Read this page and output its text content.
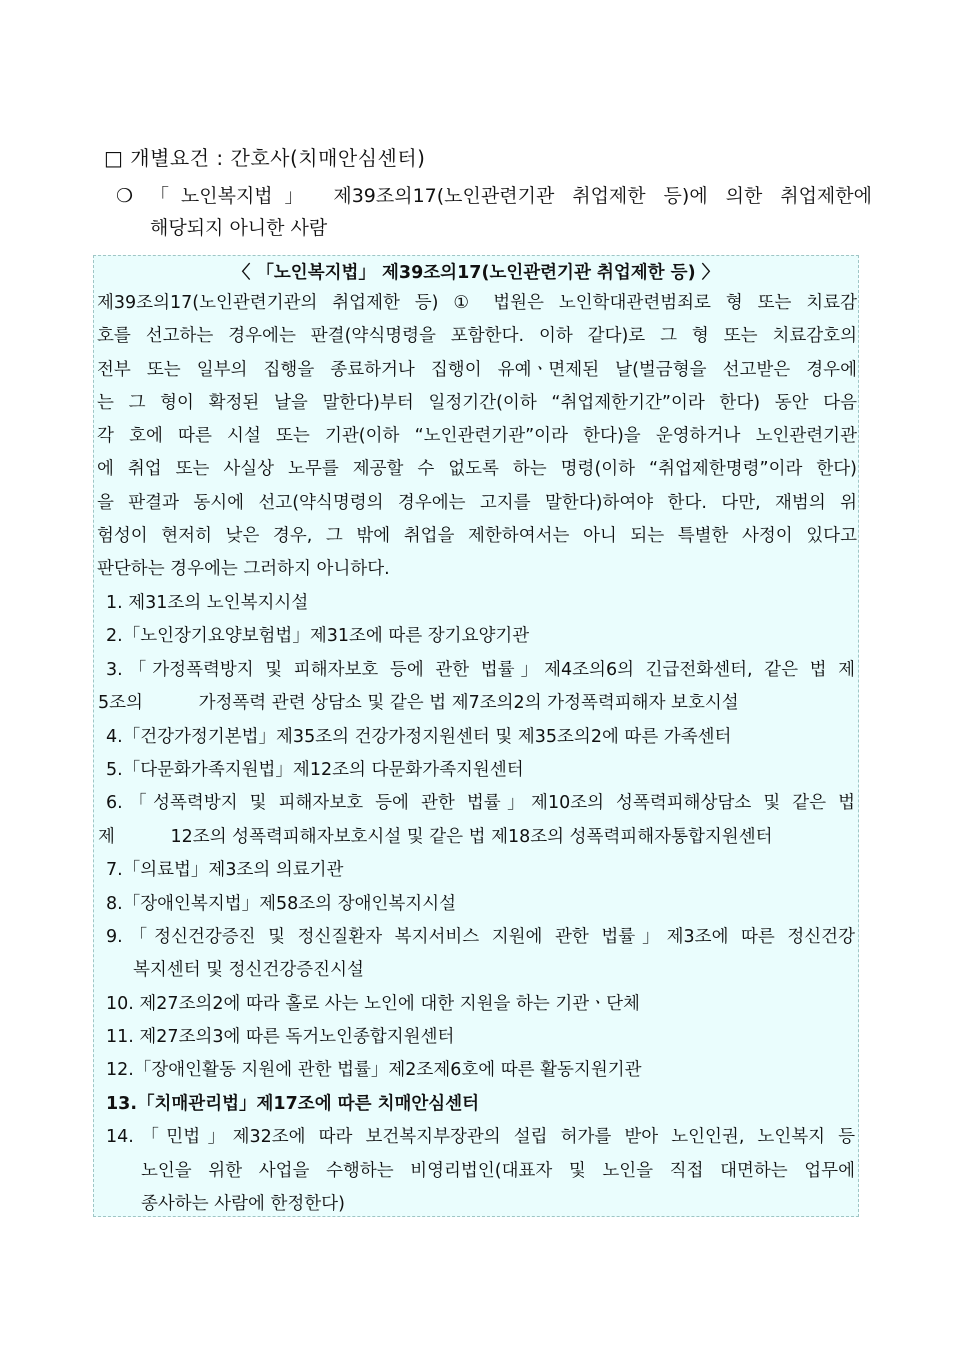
□ 개별요건 : 간호사(치매안심센터)
❍ 「노인복지법」 제39조의17(노인관련기관 취업제한 등)에 의한 취업제한에
해당되지 아니한 사람
〈 「노인복지법」 제39조의17(노인관련기관 취업제한 등) 〉
제39조의17(노인관련기관의 취업제한 등) ① 법원은 노인학대관련범죄로 형 또는 치료감
호를 선고하는 경우에는 판결(약식명령을 포함한다. 이하 같다)로 그 형 또는 치료감호의
전부 또는 일부의 집행을 종료하거나 집행이 유예ㆍ면제된 날(벌금형을 선고받은 경우에
는 그 형이 확정된 날을 말한다)부터 일정기간(이하 “취업제한기간”이라 한다) 동안 다음
각 호에 따른 시설 또는 기관(이하 “노인관련기관”이라 한다)을 운영하거나 노인관련기관
에 취업 또는 사실상 노무를 제공할 수 없도록 하는 명령(이하 “취업제한명령”이라 한다)
을 판결과 동시에 선고(약식명령의 경우에는 고지를 말한다)하여야 한다. 다만, 재범의 위
험성이 현저히 낮은 경우, 그 밖에 취업을 제한하여서는 아니 되는 특별한 사정이 있다고
판단하는 경우에는 그러하지 아니하다.
1. 제31조의 노인복지시설
2.「노인장기요양보험법」제31조에 따른 장기요양기관
3.「가정폭력방지 및 피해자보호 등에 관한 법률」제4조의6의 긴급전화센터, 같은 법 제
5조의          가정폭력 관련 상담소 및 같은 법 제7조의2의 가정폭력피해자 보호시설
4.「건강가정기본법」제35조의 건강가정지원센터 및 제35조의2에 따른 가족센터
5.「다문화가족지원법」제12조의 다문화가족지원센터
6.「성폭력방지 및 피해자보호 등에 관한 법률」제10조의 성폭력피해상담소 및 같은 법
제          12조의 성폭력피해자보호시설 및 같은 법 제18조의 성폭력피해자통합지원센터
7.「의료법」제3조의 의료기관
8.「장애인복지법」제58조의 장애인복지시설
9.「정신건강증진 및 정신질환자 복지서비스 지원에 관한 법률」제3조에 따른 정신건강
복지센터 및 정신건강증진시설
10. 제27조의2에 따라 홀로 사는 노인에 대한 지원을 하는 기관ㆍ단체
11. 제27조의3에 따른 독거노인종합지원센터
12.「장애인활동 지원에 관한 법률」제2조제6호에 따른 활동지원기관
13.「치매관리법」제17조에 따른 치매안심센터
14.「민법」제32조에 따라 보건복지부장관의 설립 허가를 받아 노인인권, 노인복지 등
노인을 위한 사업을 수행하는 비영리법인(대표자 및 노인을 직접 대면하는 업무에
종사하는 사람에 한정한다)
